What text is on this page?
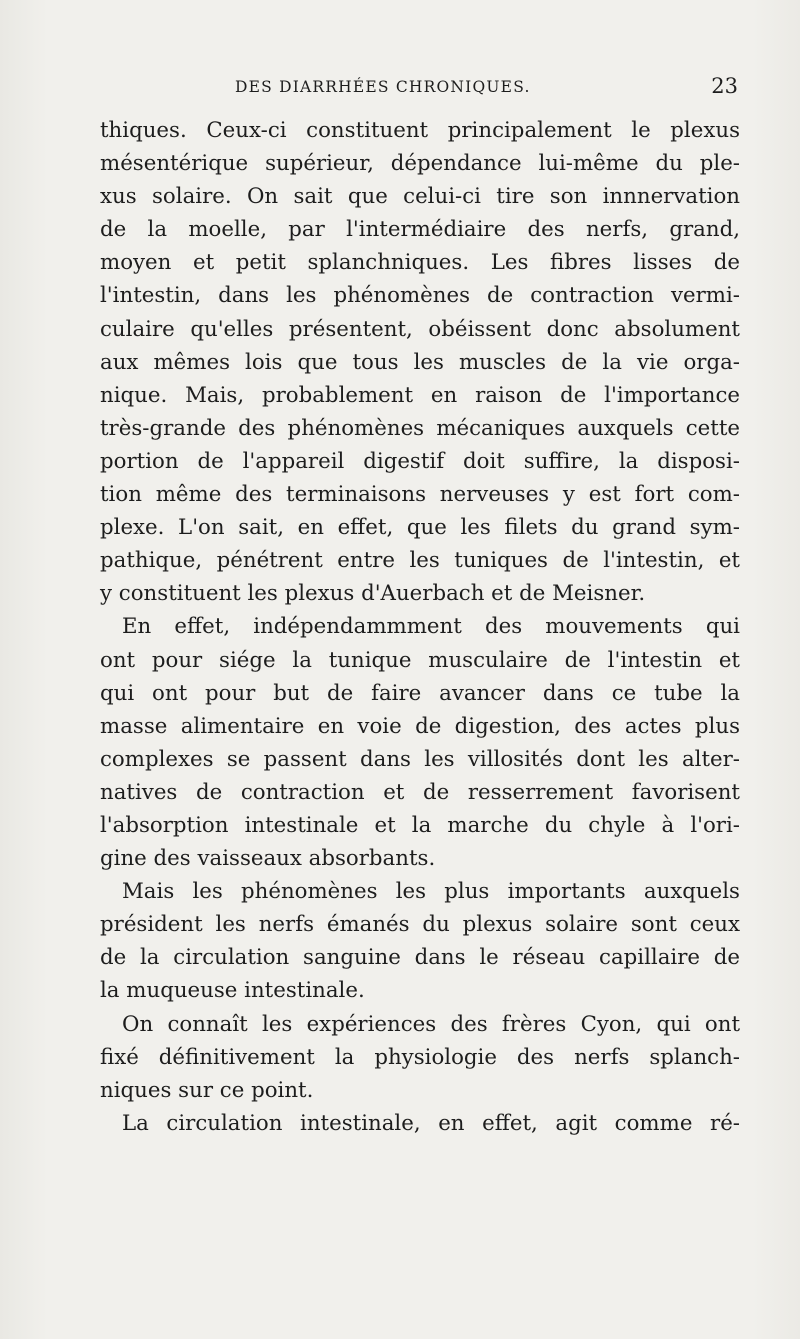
DES DIARRHÉES CHRONIQUES.	23
thiques. Ceux-ci constituent principalement le plexus
mésentérique supérieur, dépendance lui-même du ple-
xus solaire. On sait que celui-ci tire son innnervation
de la moelle, par l'intermédiaire des nerfs, grand,
moyen et petit splanchniques. Les fibres lisses de
l'intestin, dans les phénomènes de contraction vermi-
culaire qu'elles présentent, obéissent donc absolument
aux mêmes lois que tous les muscles de la vie orga-
nique. Mais, probablement en raison de l'importance
très-grande des phénomènes mécaniques auxquels cette
portion de l'appareil digestif doit suffire, la disposi-
tion même des terminaisons nerveuses y est fort com-
plexe. L'on sait, en effet, que les filets du grand sym-
pathique, pénétrent entre les tuniques de l'intestin, et
y constituent les plexus d'Auerbach et de Meisner.
En effet, indépendammment des mouvements qui
ont pour siége la tunique musculaire de l'intestin et
qui ont pour but de faire avancer dans ce tube la
masse alimentaire en voie de digestion, des actes plus
complexes se passent dans les villosités dont les alter-
natives de contraction et de resserrement favorisent
l'absorption intestinale et la marche du chyle à l'ori-
gine des vaisseaux absorbants.
Mais les phénomènes les plus importants auxquels
président les nerfs émanés du plexus solaire sont ceux
de la circulation sanguine dans le réseau capillaire de
la muqueuse intestinale.
On connaît les expériences des frères Cyon, qui ont
fixé définitivement la physiologie des nerfs splanch-
niques sur ce point.
La circulation intestinale, en effet, agit comme ré-
